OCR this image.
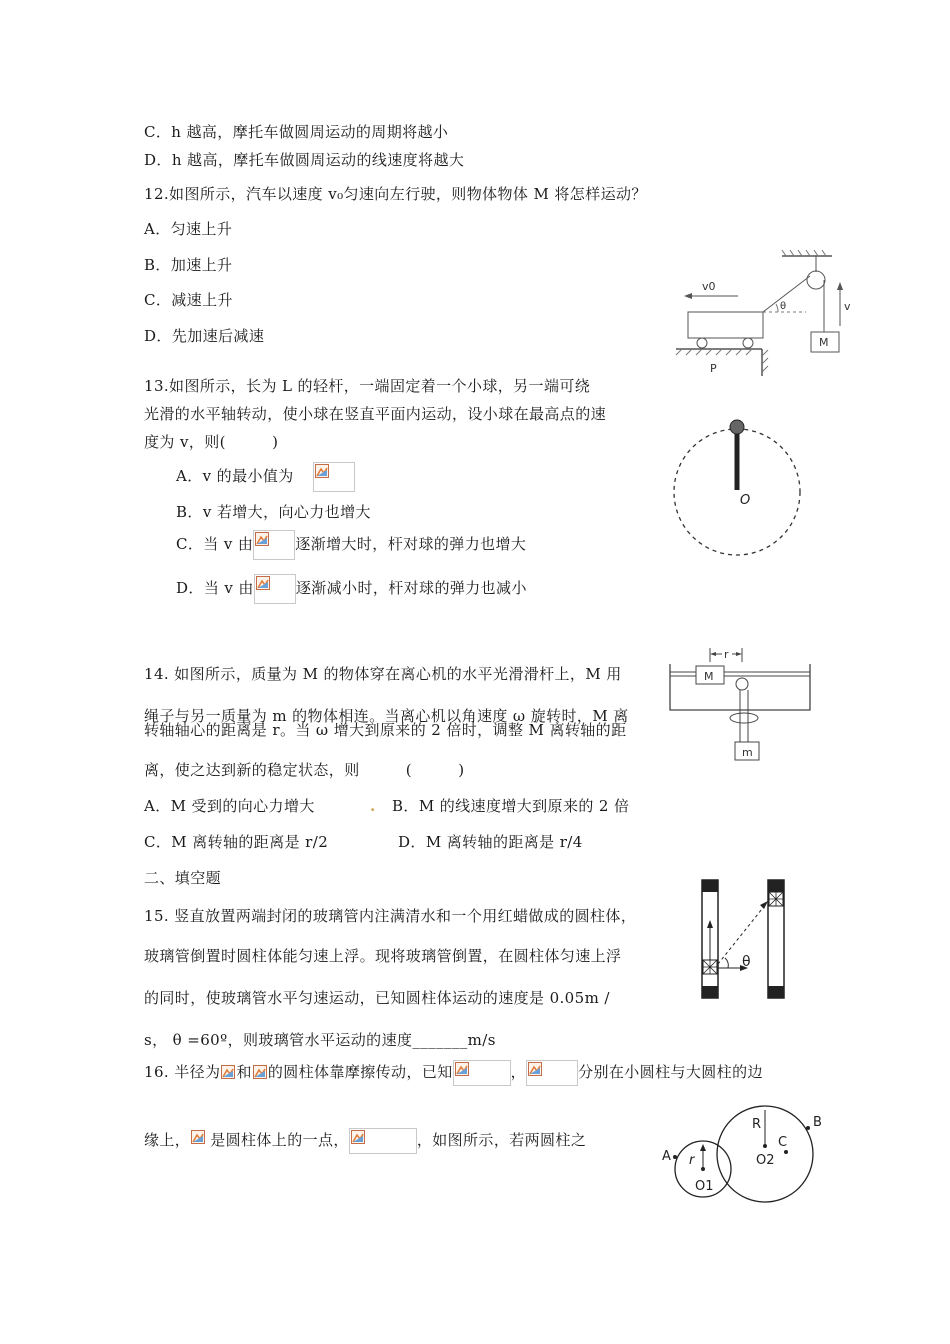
C．h 越高，摩托车做圆周运动的周期将越小
D．h 越高，摩托车做圆周运动的线速度将越大
12.如图所示，汽车以速度 v₀匀速向左行驶，则物体物体 M 将怎样运动？
A．匀速上升
B．加速上升
C．减速上升
D．先加速后减速	M
v
θ
P
v0
13.如图所示，长为 L 的轻杆，一端固定着一个小球，另一端可绕
光滑的水平轴转动，使小球在竖直平面内运动，设小球在最高点的速
度为 v，则(　　　)
A．v 的最小值为
B．v 若增大，向心力也增大
C．当 v 由	逐渐增大时，杆对球的弹力也增大
D．当 v 由	逐渐减小时，杆对球的弹力也减小
O
14. 如图所示，质量为 M 的物体穿在离心机的水平光滑滑杆上，M 用
绳子与另一质量为 m 的物体相连。当离心机以角速度 ω 旋转时，M 离
转轴轴心的距离是 r。当 ω 增大到原来的 2 倍时，调整 M 离转轴的距
离，使之达到新的稳定状态，则　　　(　　　)
A．M 受到的向心力增大	. B．M 的线速度增大到原来的 2 倍
C．M 离转轴的距离是 r/2	D．M 离转轴的距离是 r/4
r
M
m
二、填空题
15. 竖直放置两端封闭的玻璃管内注满清水和一个用红蜡做成的圆柱体，
玻璃管倒置时圆柱体能匀速上浮。现将玻璃管倒置，在圆柱体匀速上浮
的同时，使玻璃管水平匀速运动，已知圆柱体运动的速度是 0.05m /
s， θ =60º，则玻璃管水平运动的速度_______m/s
θ
16. 半径为 和 的圆柱体靠摩擦传动，已知	，	分别在小圆柱与大圆柱的边
缘上， 是圆柱体上的一点，	，如图所示，若两圆柱之
A r
O1
R	B
C
O2
